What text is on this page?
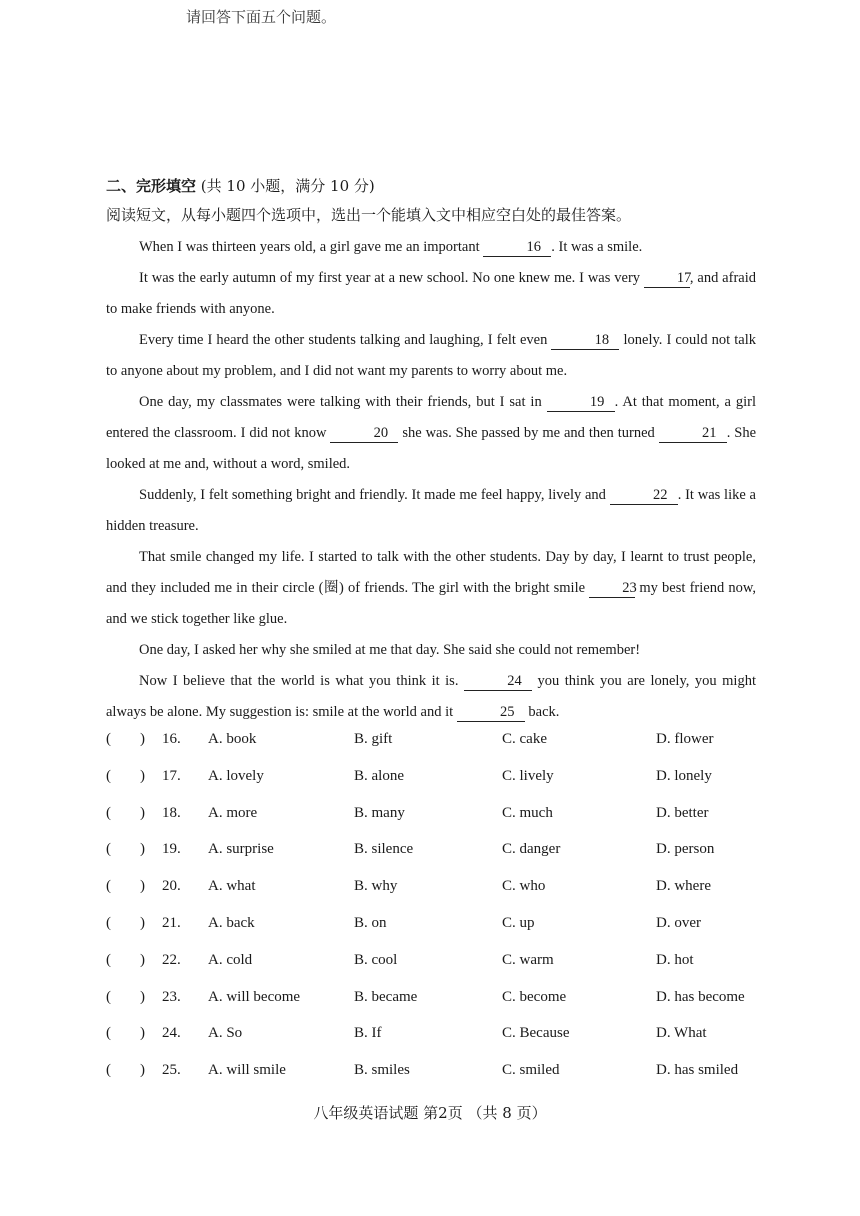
请回答下面五个问题。
二、完形填空 (共 10 小题，满分 10 分)
阅读短文，从每小题四个选项中，选出一个能填入文中相应空白处的最佳答案。

When I was thirteen years old, a girl gave me an important	16 . It was a smile.

It was the early autumn of my first year at a new school. No one knew me. I was very 17, and afraid to make friends with anyone.

Every time I heard the other students talking and laughing, I felt even	18 lonely. I could not talk to anyone about my problem, and I did not want my parents to worry about me.

One day, my classmates were talking with their friends, but I sat in	19 . At that moment, a girl entered the classroom. I did not know	20 she was. She passed by me and then turned	21 . She looked at me and, without a word, smiled.

Suddenly, I felt something bright and friendly. It made me feel happy, lively and	22 . It was like a hidden treasure.

That smile changed my life. I started to talk with the other students. Day by day, I learnt to trust people, and they included me in their circle (圈) of friends. The girl with the bright smile 23 my best friend now, and we stick together like glue.

One day, I asked her why she smiled at me that day. She said she could not remember!

Now I believe that the world is what you think it is.	24 you think you are lonely, you might always be alone. My suggestion is: smile at the world and it	25 back.

( ) 16. A. book	B. gift	C. cake	D. flower
( ) 17. A. lovely	B. alone	C. lively	D. lonely
( ) 18. A. more	B. many	C. much	D. better
( ) 19. A. surprise	B. silence	C. danger	D. person
( ) 20. A. what	B. why	C. who	D. where
( ) 21. A. back	B. on	C. up	D. over
( ) 22. A. cold	B. cool	C. warm	D. hot
( ) 23. A. will become	B. became	C. become	D. has become
( ) 24. A. So	B. If	C. Because	D. What
( ) 25. A. will smile	B. smiles	C. smiled	D. has smiled
八年级英语试题 第2页 （共 8 页）
